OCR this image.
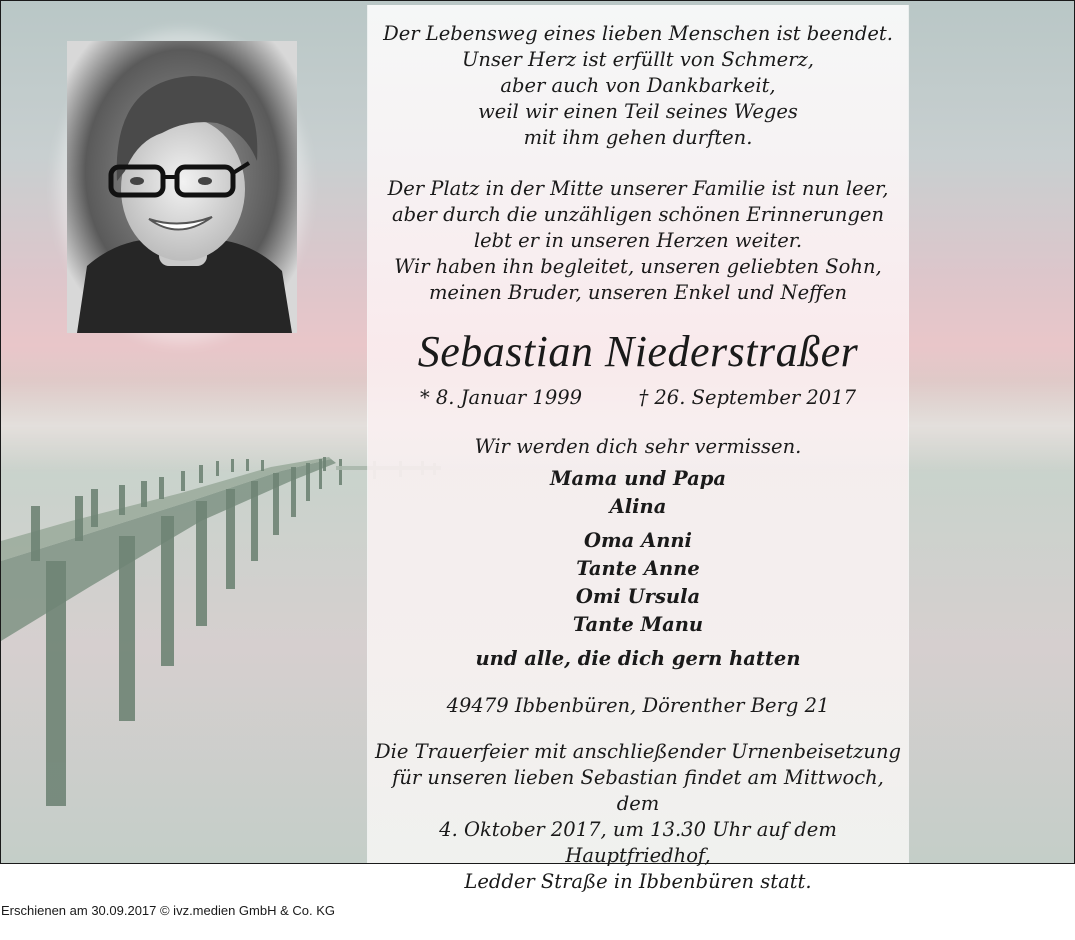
Der Lebensweg eines lieben Menschen ist beendet.
Unser Herz ist erfüllt von Schmerz,
aber auch von Dankbarkeit,
weil wir einen Teil seines Weges
mit ihm gehen durften.
Der Platz in der Mitte unserer Familie ist nun leer,
aber durch die unzähligen schönen Erinnerungen
lebt er in unseren Herzen weiter.
Wir haben ihn begleitet, unseren geliebten Sohn,
meinen Bruder, unseren Enkel und Neffen
Sebastian Niederstraßer
* 8. Januar 1999	† 26. September 2017
Wir werden dich sehr vermissen.
Mama und Papa
Alina
Oma Anni
Tante Anne
Omi Ursula
Tante Manu
und alle, die dich gern hatten
49479 Ibbenbüren, Dörenther Berg 21
Die Trauerfeier mit anschließender Urnenbeisetzung
für unseren lieben Sebastian findet am Mittwoch, dem
4. Oktober 2017, um 13.30 Uhr auf dem Hauptfriedhof,
Ledder Straße in Ibbenbüren statt.
Erschienen am 30.09.2017 © ivz.medien GmbH & Co. KG
